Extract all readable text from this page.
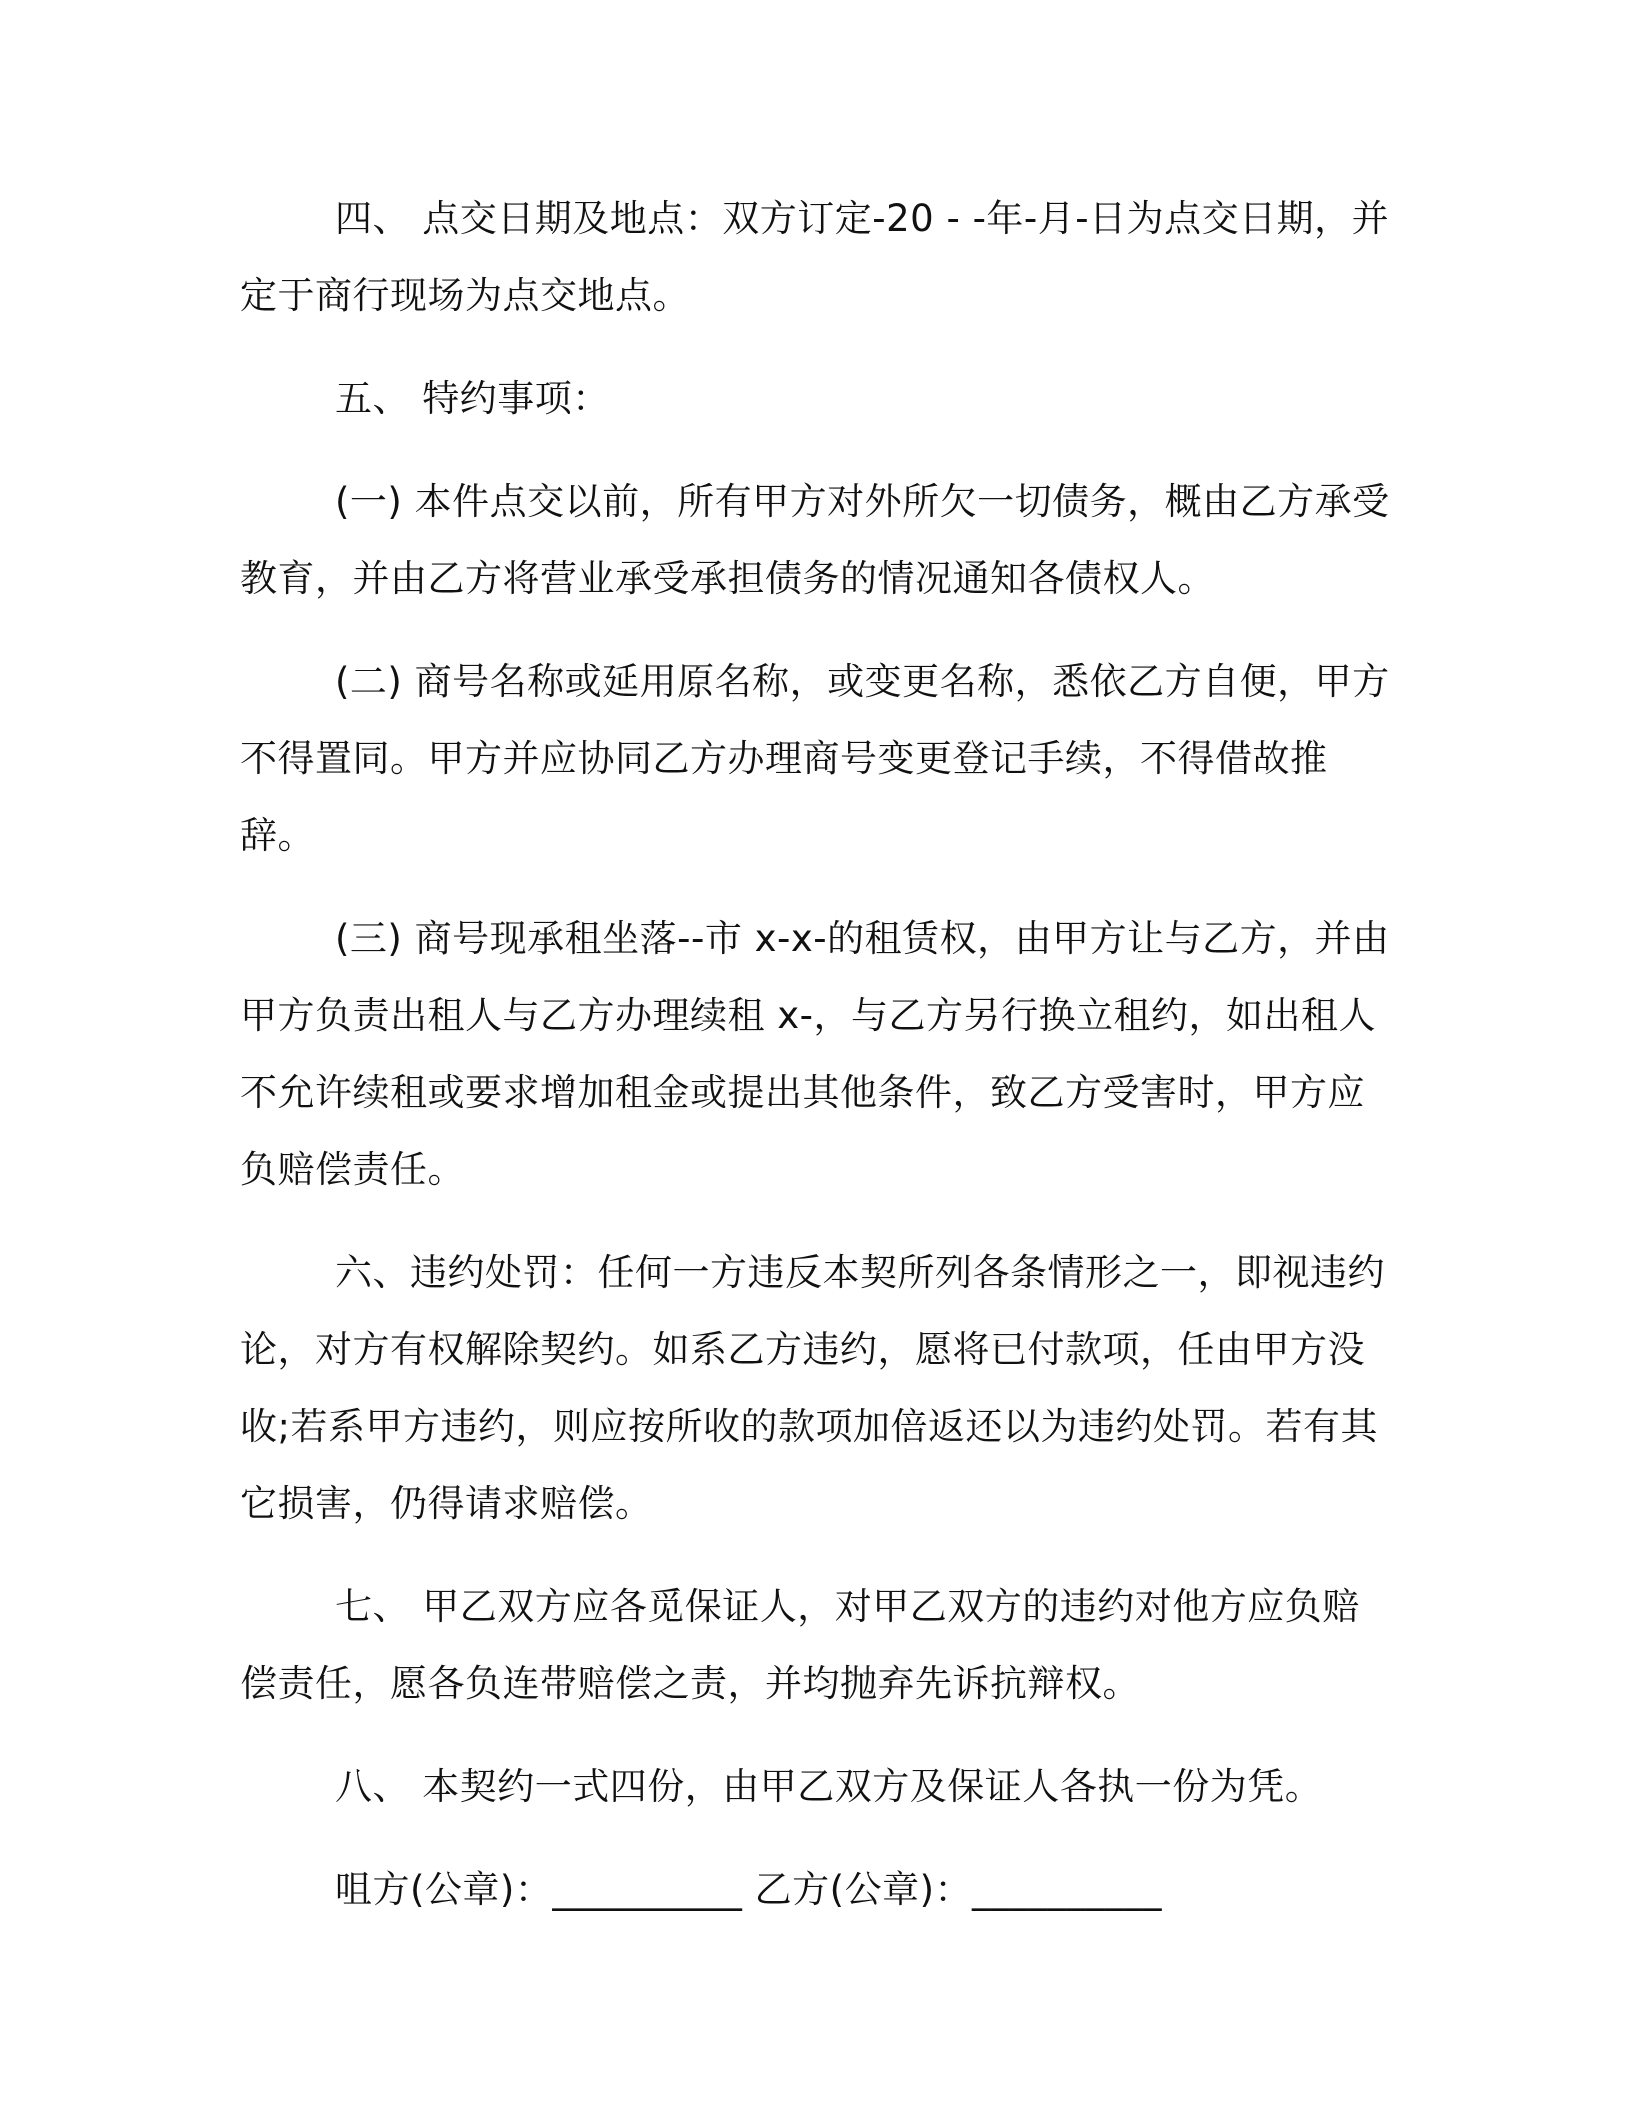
四、 点交日期及地点：双方订定-20 - -年-月-日为点交日期，并定于商行现场为点交地点。

五、 特约事项：

(一) 本件点交以前，所有甲方对外所欠一切债务，概由乙方承受教育，并由乙方将营业承受承担债务的情况通知各债权人。

(二) 商号名称或延用原名称，或变更名称，悉依乙方自便，甲方不得置同。甲方并应协同乙方办理商号变更登记手续，不得借故推辞。

(三) 商号现承租坐落--市 x-x-的租赁权，由甲方让与乙方，并由甲方负责出租人与乙方办理续租 x-，与乙方另行换立租约，如出租人不允许续租或要求增加租金或提出其他条件，致乙方受害时，甲方应负赔偿责任。

六、违约处罚：任何一方违反本契所列各条情形之一，即视违约论，对方有权解除契约。如系乙方违约，愿将已付款项，任由甲方没收;若系甲方违约，则应按所收的款项加倍返还以为违约处罚。若有其它损害，仍得请求赔偿。

七、 甲乙双方应各觅保证人，对甲乙双方的违约对他方应负赔偿责任，愿各负连带赔偿之责，并均抛弃先诉抗辩权。

八、 本契约一式四份，由甲乙双方及保证人各执一份为凭。

咀方(公章)：__________ 乙方(公章)：__________
